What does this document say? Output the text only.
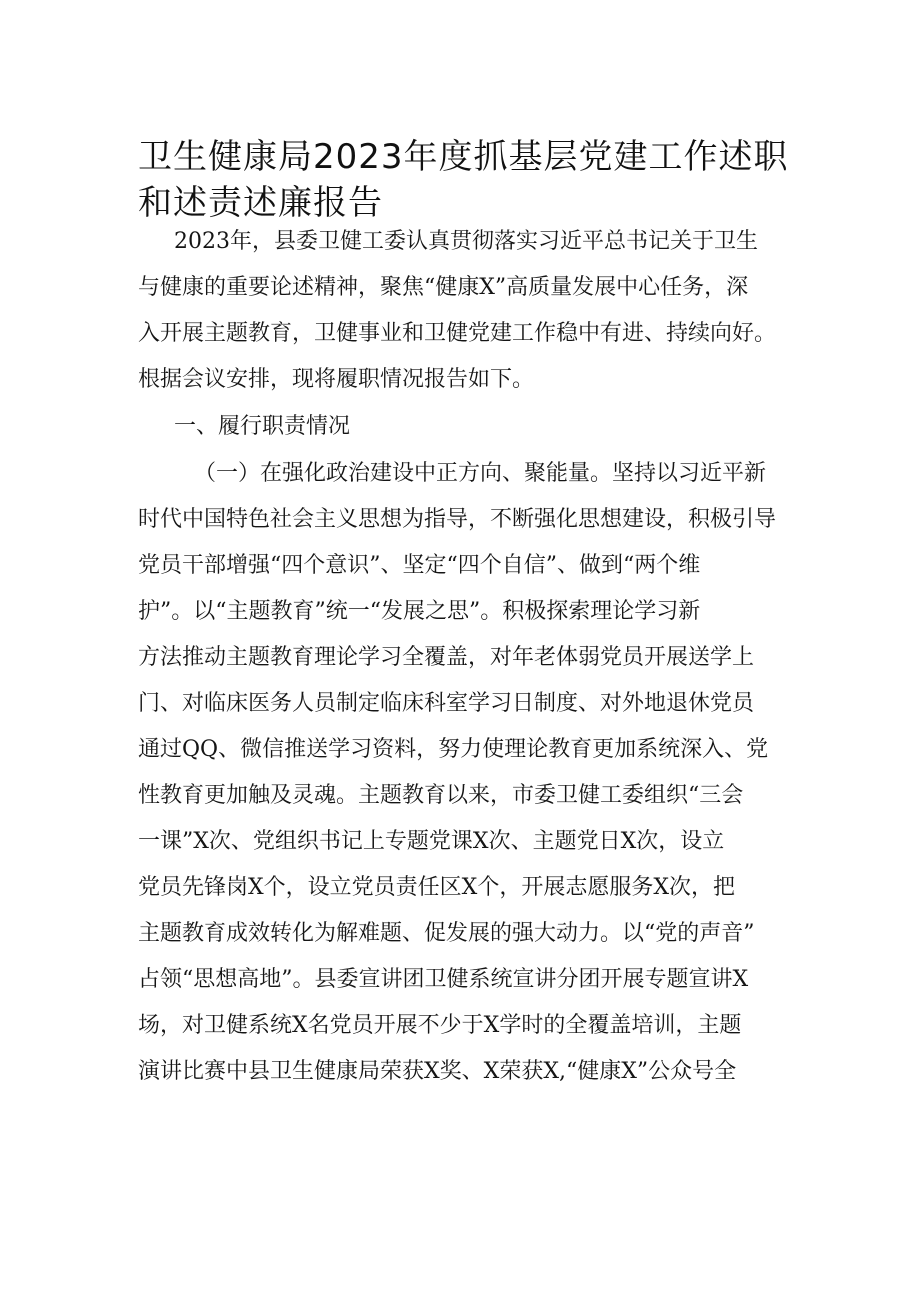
卫生健康局2023年度抓基层党建工作述职
和述责述廉报告
2023年，县委卫健工委认真贯彻落实习近平总书记关于卫生
与健康的重要论述精神，聚焦“健康X”高质量发展中心任务，深
入开展主题教育，卫健事业和卫健党建工作稳中有进、持续向好。
根据会议安排，现将履职情况报告如下。
一、履行职责情况
（一）在强化政治建设中正方向、聚能量。坚持以习近平新
时代中国特色社会主义思想为指导，不断强化思想建设，积极引导
党员干部增强“四个意识”、坚定“四个自信”、做到“两个维
护”。以“主题教育”统一“发展之思”。积极探索理论学习新
方法推动主题教育理论学习全覆盖，对年老体弱党员开展送学上
门、对临床医务人员制定临床科室学习日制度、对外地退休党员
通过QQ、微信推送学习资料，努力使理论教育更加系统深入、党
性教育更加触及灵魂。主题教育以来，市委卫健工委组织“三会
一课”X次、党组织书记上专题党课X次、主题党日X次，设立
党员先锋岗X个，设立党员责任区X个，开展志愿服务X次，把
主题教育成效转化为解难题、促发展的强大动力。以“党的声音”
占领“思想高地”。县委宣讲团卫健系统宣讲分团开展专题宣讲X
场，对卫健系统X名党员开展不少于X学时的全覆盖培训，主题
演讲比赛中县卫生健康局荣获X奖、X荣获X,“健康X”公众号全
